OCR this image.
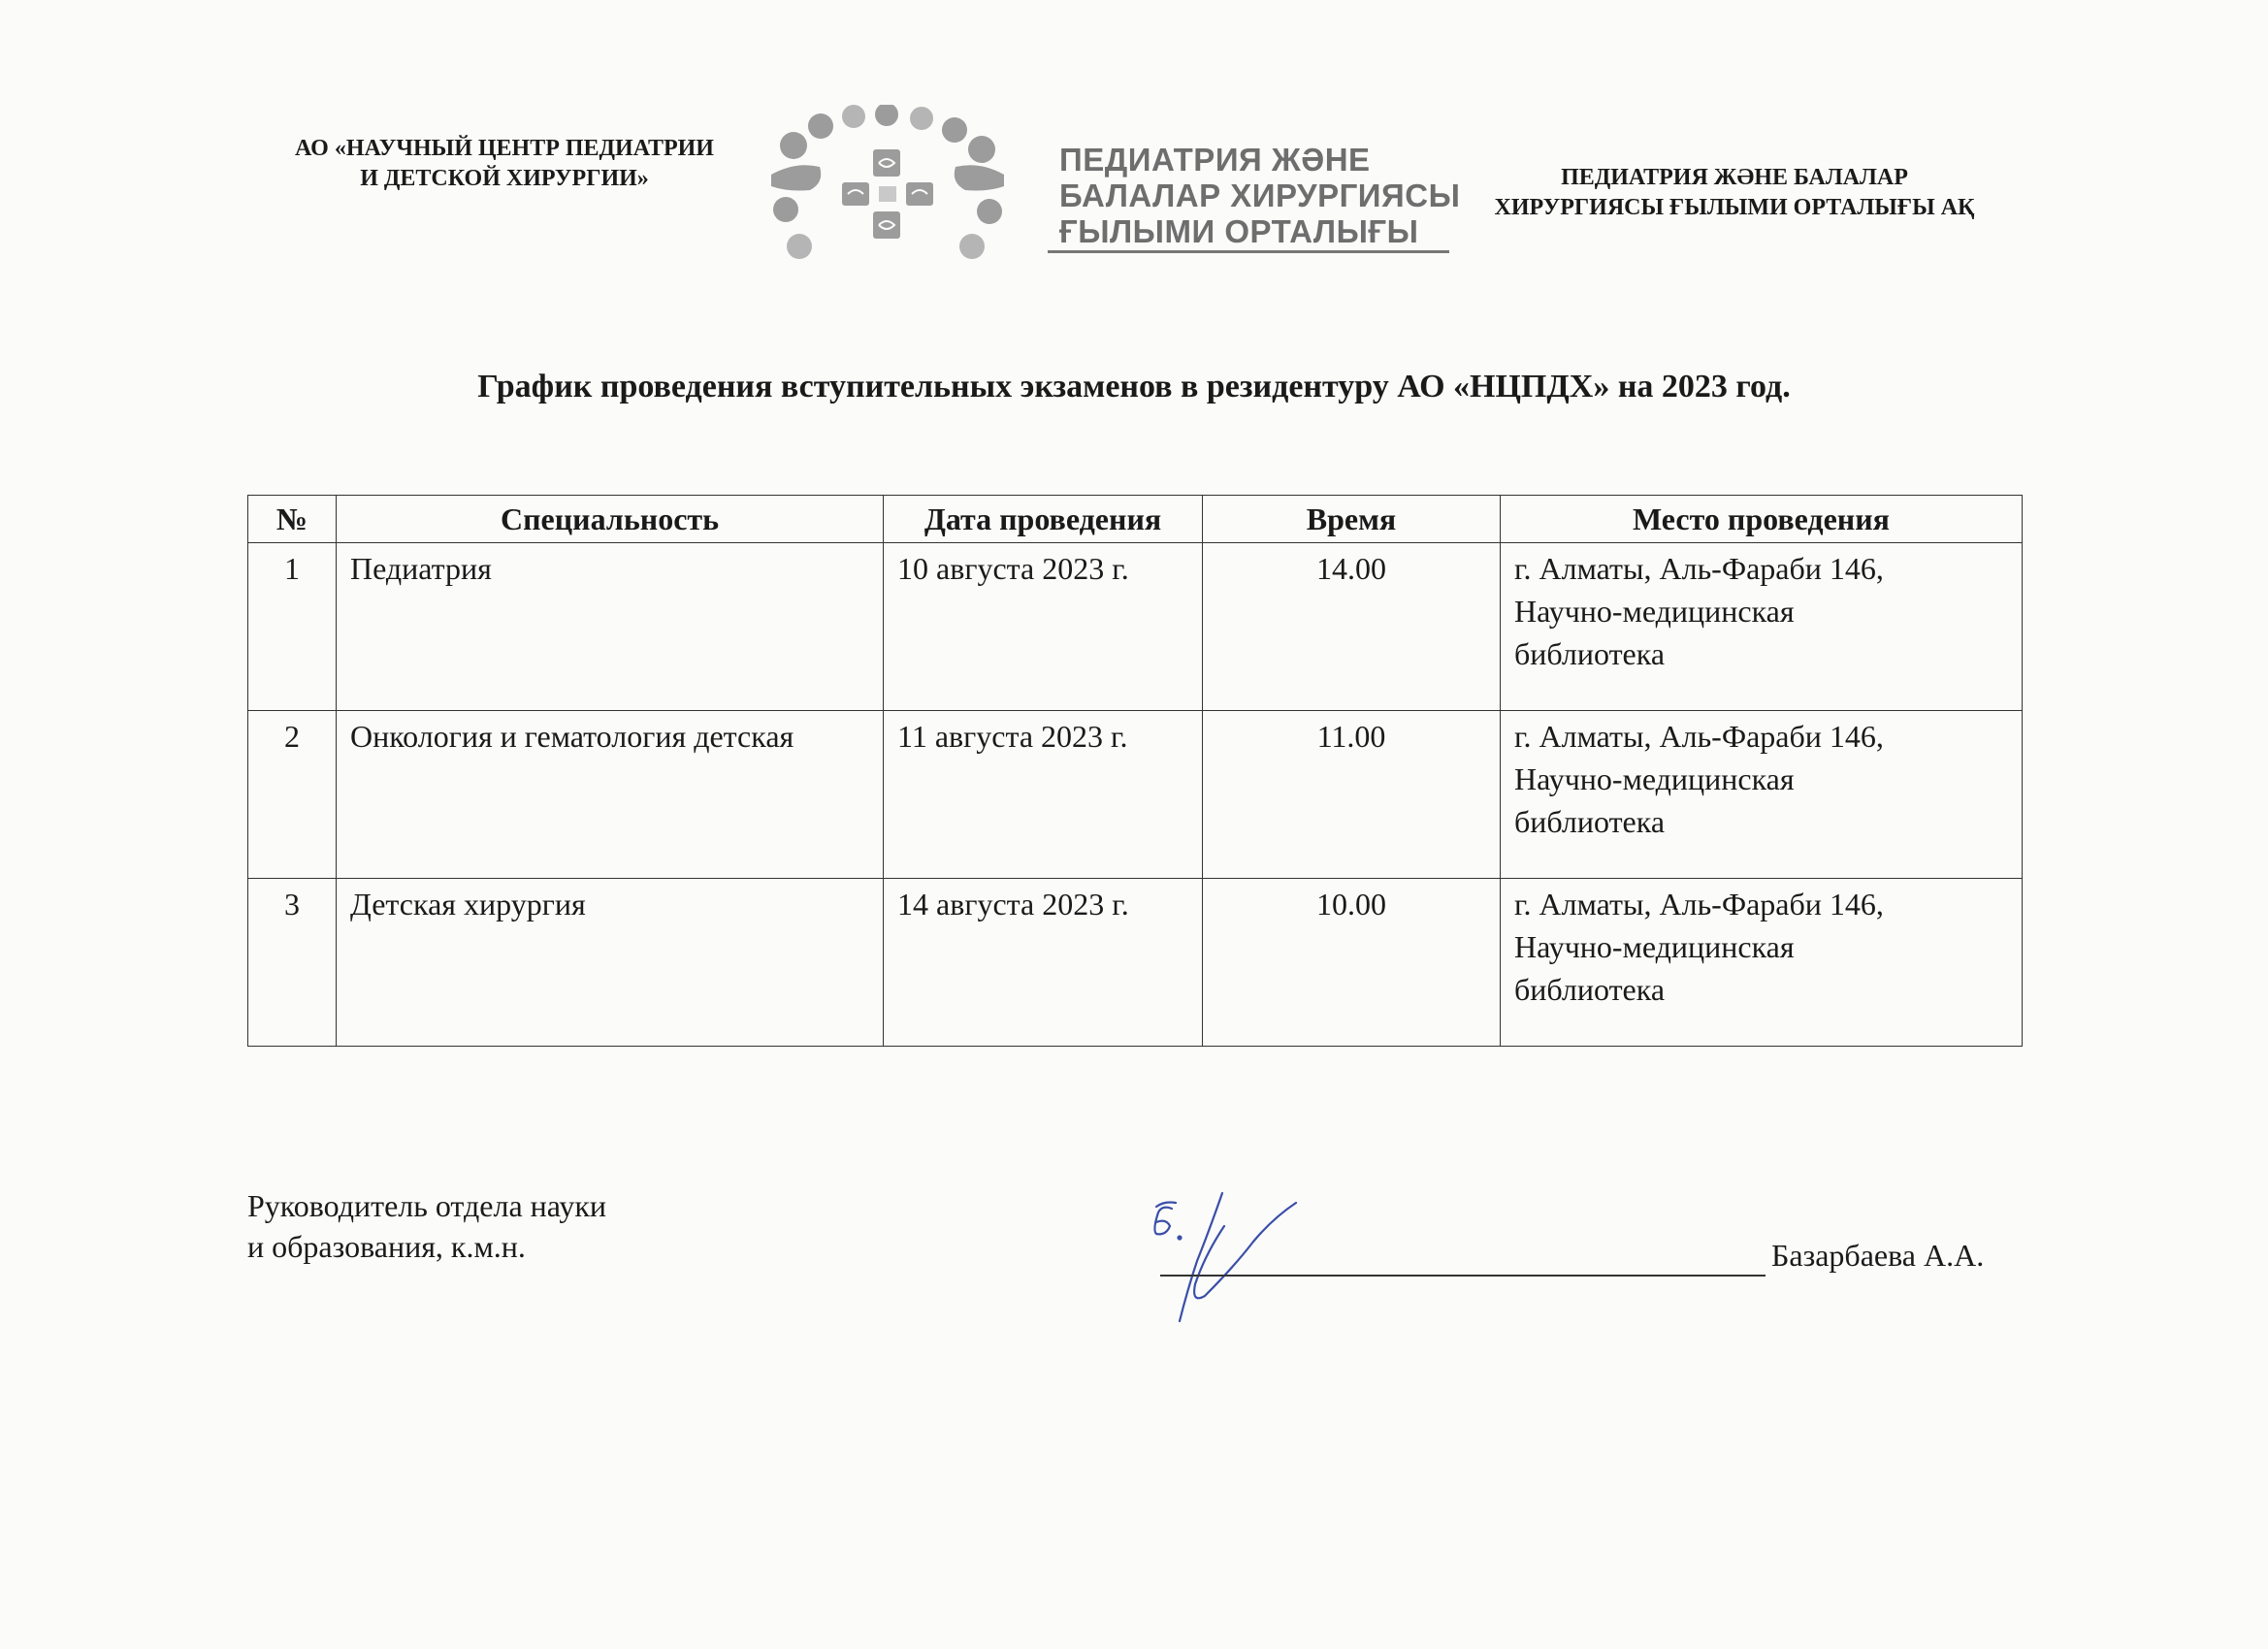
АО «НАУЧНЫЙ ЦЕНТР ПЕДИАТРИИ
И ДЕТСКОЙ ХИРУРГИИ»
ПЕДИАТРИЯ ЖӘНЕ
БАЛАЛАР ХИРУРГИЯСЫ
ҒЫЛЫМИ ОРТАЛЫҒЫ
ПЕДИАТРИЯ ЖӘНЕ БАЛАЛАР
ХИРУРГИЯСЫ ҒЫЛЫМИ ОРТАЛЫҒЫ АҚ
График проведения вступительных экзаменов в резидентуру АО «НЦПДХ» на 2023 год.
№	Специальность	Дата проведения	Время	Место проведения
1	Педиатрия	10 августа 2023 г.	14.00	г. Алматы, Аль-Фараби 146,
Научно-медицинская
библиотека

2	Онкология и гематология детская	11 августа 2023 г.	11.00	г. Алматы, Аль-Фараби 146,
Научно-медицинская
библиотека

3	Детская хирургия	14 августа 2023 г.	10.00	г. Алматы, Аль-Фараби 146,
Научно-медицинская
библиотека
Руководитель отдела науки
и образования, к.м.н.	Базарбаева А.А.
